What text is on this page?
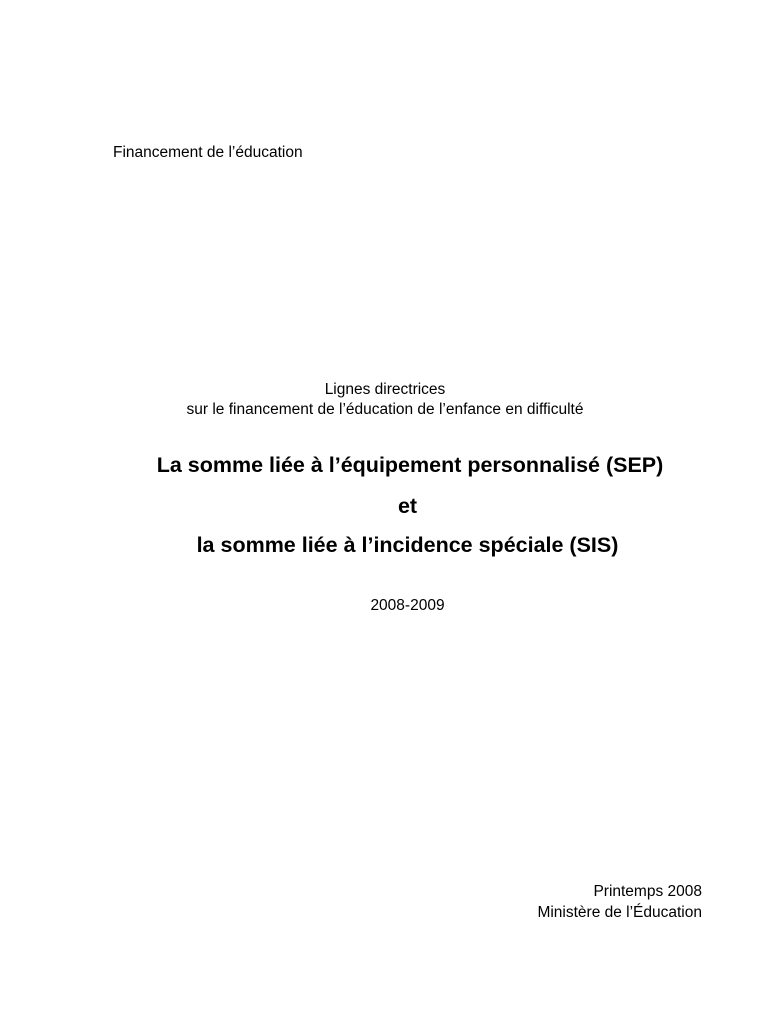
Financement de l’éducation
Lignes directrices
sur le financement de l’éducation de l’enfance en difficulté
La somme liée à l’équipement personnalisé (SEP)
et
la somme liée à l’incidence spéciale (SIS)
2008-2009
Printemps 2008
Ministère de l’Éducation
